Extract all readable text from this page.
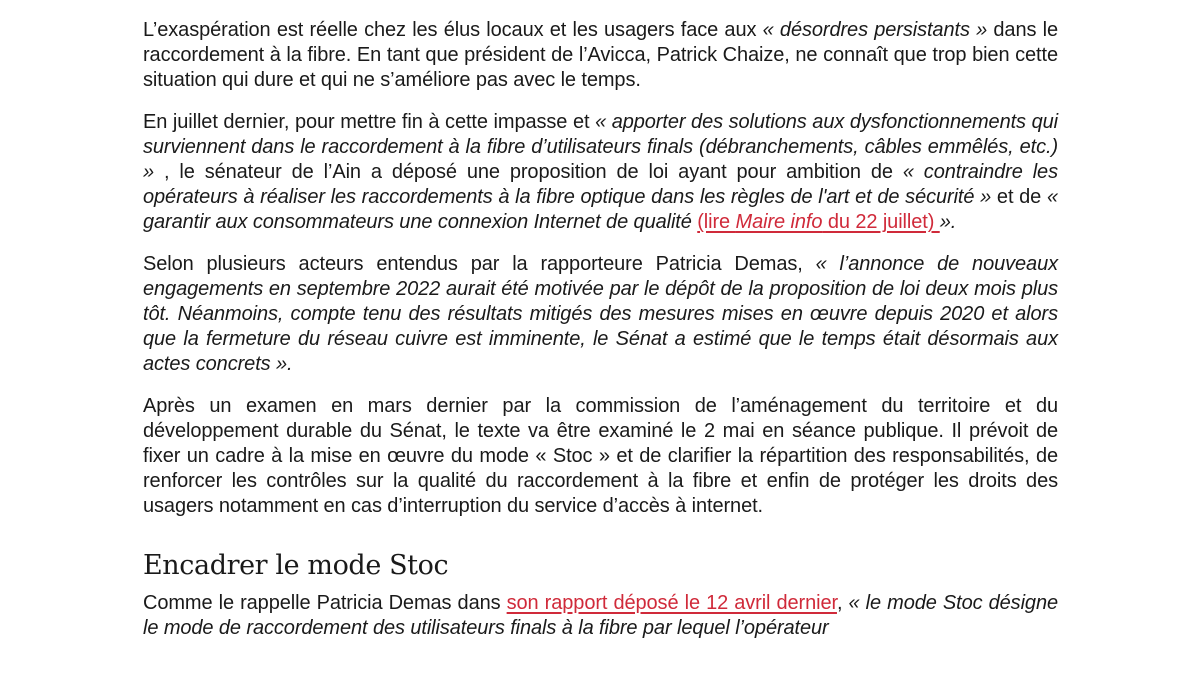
L’exaspération est réelle chez les élus locaux et les usagers face aux « désordres persistants » dans le raccordement à la fibre. En tant que président de l’Avicca, Patrick Chaize, ne connaît que trop bien cette situation qui dure et qui ne s’améliore pas avec le temps.

En juillet dernier, pour mettre fin à cette impasse et « apporter des solutions aux dysfonctionnements qui surviennent dans le raccordement à la fibre d’utilisateurs finals (débranchements, câbles emmêlés, etc.) » , le sénateur de l’Ain a déposé une proposition de loi ayant pour ambition de « contraindre les opérateurs à réaliser les raccordements à la fibre optique dans les règles de l'art et de sécurité » et de « garantir aux consommateurs une connexion Internet de qualité (lire Maire info du 22 juillet) ».

Selon plusieurs acteurs entendus par la rapporteure Patricia Demas, « l’annonce de nouveaux engagements en septembre 2022 aurait été motivée par le dépôt de la proposition de loi deux mois plus tôt. Néanmoins, compte tenu des résultats mitigés des mesures mises en œuvre depuis 2020 et alors que la fermeture du réseau cuivre est imminente, le Sénat a estimé que le temps était désormais aux actes concrets ».

Après un examen en mars dernier par la commission de l’aménagement du territoire et du développement durable du Sénat, le texte va être examiné le 2 mai en séance publique. Il prévoit de fixer un cadre à la mise en œuvre du mode « Stoc » et de clarifier la répartition des responsabilités, de renforcer les contrôles sur la qualité du raccordement à la fibre et enfin de protéger les droits des usagers notamment en cas d’interruption du service d’accès à internet.

Encadrer le mode Stoc

Comme le rappelle Patricia Demas dans son rapport déposé le 12 avril dernier, « le mode Stoc désigne le mode de raccordement des utilisateurs finals à la fibre par lequel l’opérateur
